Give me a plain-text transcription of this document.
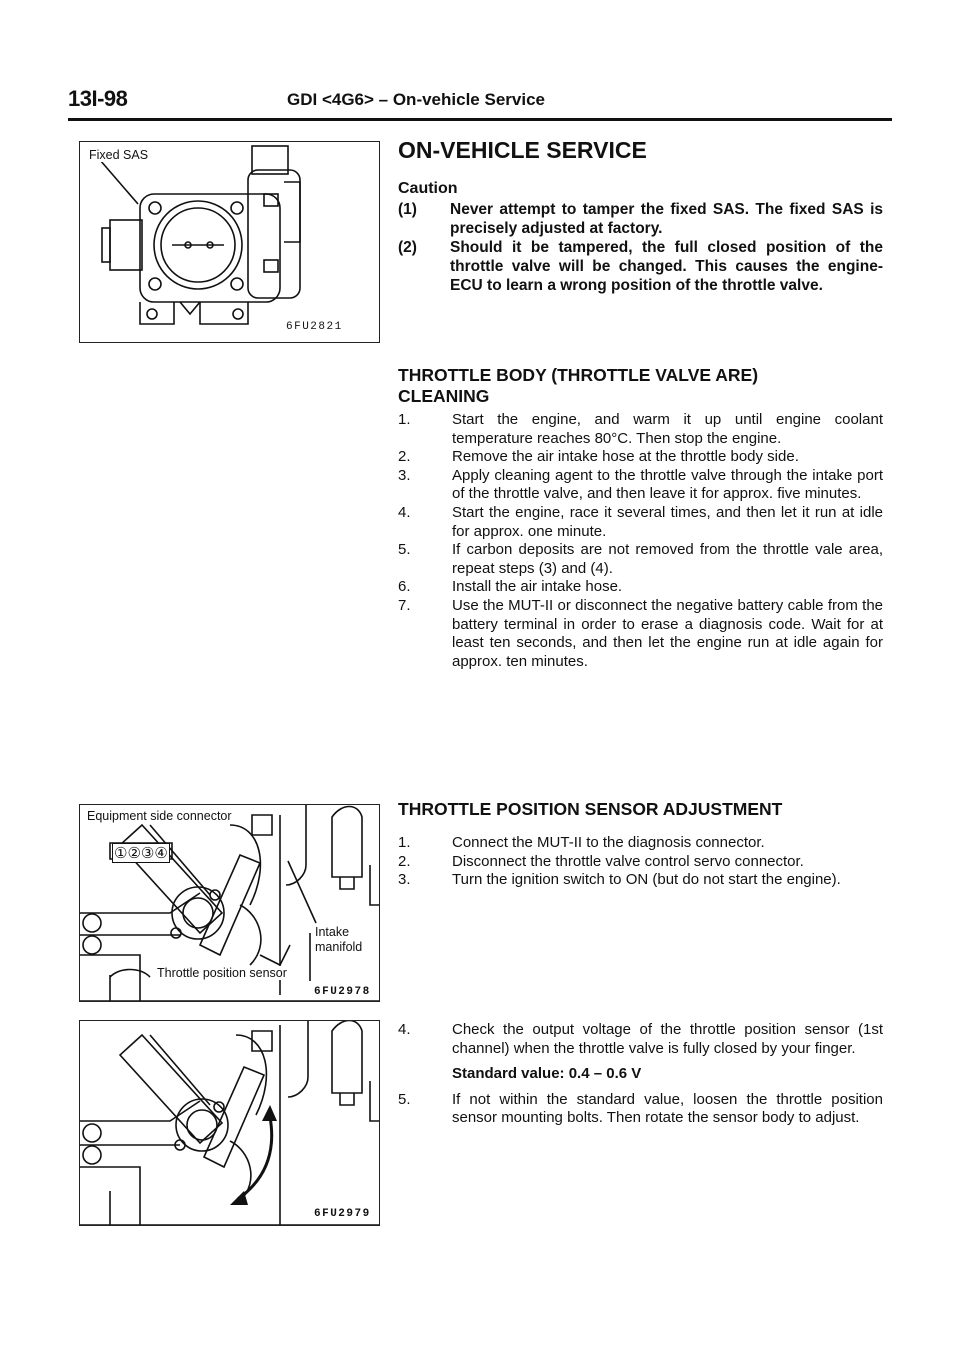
13I-98	GDI <4G6> – On-vehicle Service
Fixed SAS
6FU2821
ON-VEHICLE SERVICE
Caution
(1) Never attempt to tamper the fixed SAS. The fixed SAS is precisely adjusted at factory.
(2) Should it be tampered, the full closed position of the throttle valve will be changed. This causes the engine-ECU to learn a wrong position of the throttle valve.
THROTTLE BODY (THROTTLE VALVE ARE)
CLEANING
1.	Start the engine, and warm it up until engine coolant temperature reaches 80°C. Then stop the engine.
2.	Remove the air intake hose at the throttle body side.
3.	Apply cleaning agent to the throttle valve through the intake port of the throttle valve, and then leave it for approx. five minutes.
4.	Start the engine, race it several times, and then let it run at idle for approx. one minute.
5.	If carbon deposits are not removed from the throttle vale area, repeat steps (3) and (4).
6.	Install the air intake hose.
7.	Use the MUT-II or disconnect the negative battery cable from the battery terminal in order to erase a diagnosis code. Wait for at least ten seconds, and then let the engine run at idle again for approx. ten minutes.
Equipment side connector
①②③④
Intake
manifold
Throttle position sensor
6FU2978
THROTTLE POSITION SENSOR ADJUSTMENT
1.	Connect the MUT-II to the diagnosis connector.
2.	Disconnect the throttle valve control servo connector.
3.	Turn the ignition switch to ON (but do not start the engine).
6FU2979
4.	Check the output voltage of the throttle position sensor (1st channel) when the throttle valve is fully closed by your finger.
Standard value: 0.4 – 0.6 V
5.	If not within the standard value, loosen the throttle position sensor mounting bolts. Then rotate the sensor body to adjust.
